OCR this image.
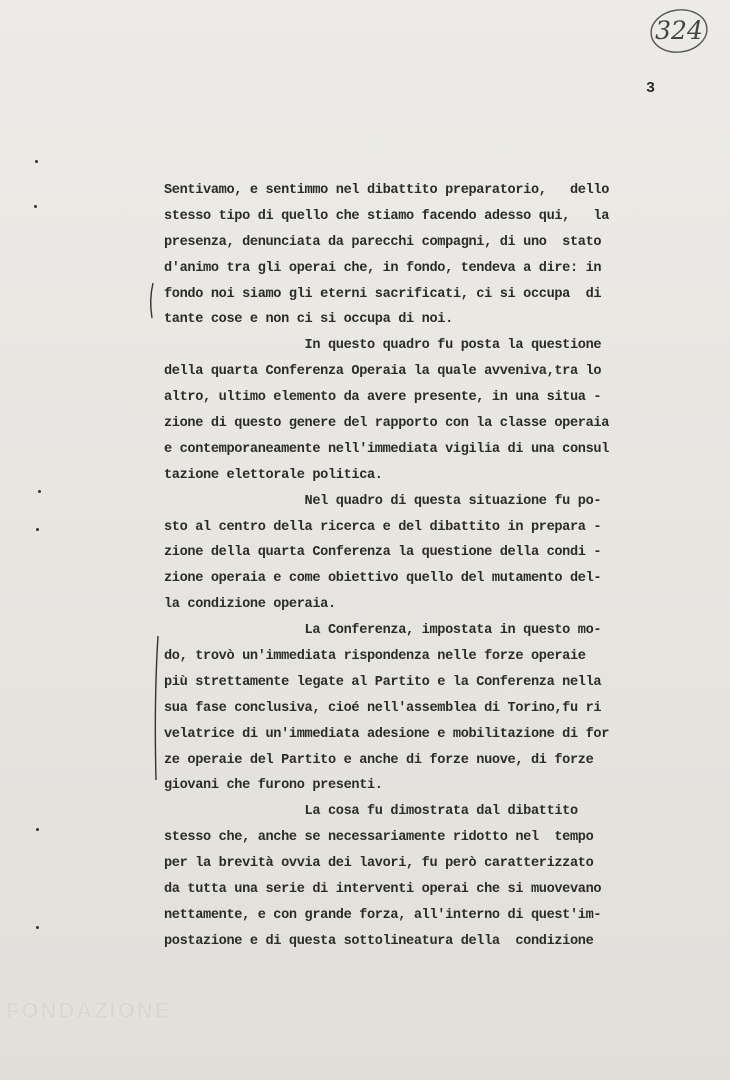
324
3
Sentivamo, e sentimmo nel dibattito preparatorio,   dello
stesso tipo di quello che stiamo facendo adesso qui,   la
presenza, denunciata da parecchi compagni, di uno  stato
d'animo tra gli operai che, in fondo, tendeva a dire: in
fondo noi siamo gli eterni sacrificati, ci si occupa  di
tante cose e non ci si occupa di noi.
In questo quadro fu posta la questione
della quarta Conferenza Operaia la quale avveniva,tra lo
altro, ultimo elemento da avere presente, in una situa -
zione di questo genere del rapporto con la classe operaia
e contemporaneamente nell'immediata vigilia di una consul
tazione elettorale politica.
Nel quadro di questa situazione fu po-
sto al centro della ricerca e del dibattito in prepara -
zione della quarta Conferenza la questione della condi -
zione operaia e come obiettivo quello del mutamento del-
la condizione operaia.
La Conferenza, impostata in questo mo-
do, trovò un'immediata rispondenza nelle forze operaie
più strettamente legate al Partito e la Conferenza nella
sua fase conclusiva, cioé nell'assemblea di Torino,fu ri
velatrice di un'immediata adesione e mobilitazione di for
ze operaie del Partito e anche di forze nuove, di forze
giovani che furono presenti.
La cosa fu dimostrata dal dibattito
stesso che, anche se necessariamente ridotto nel  tempo
per la brevità ovvia dei lavori, fu però caratterizzato
da tutta una serie di interventi operai che si muovevano
nettamente, e con grande forza, all'interno di quest'im-
postazione e di questa sottolineatura della  condizione
FONDAZIONE
